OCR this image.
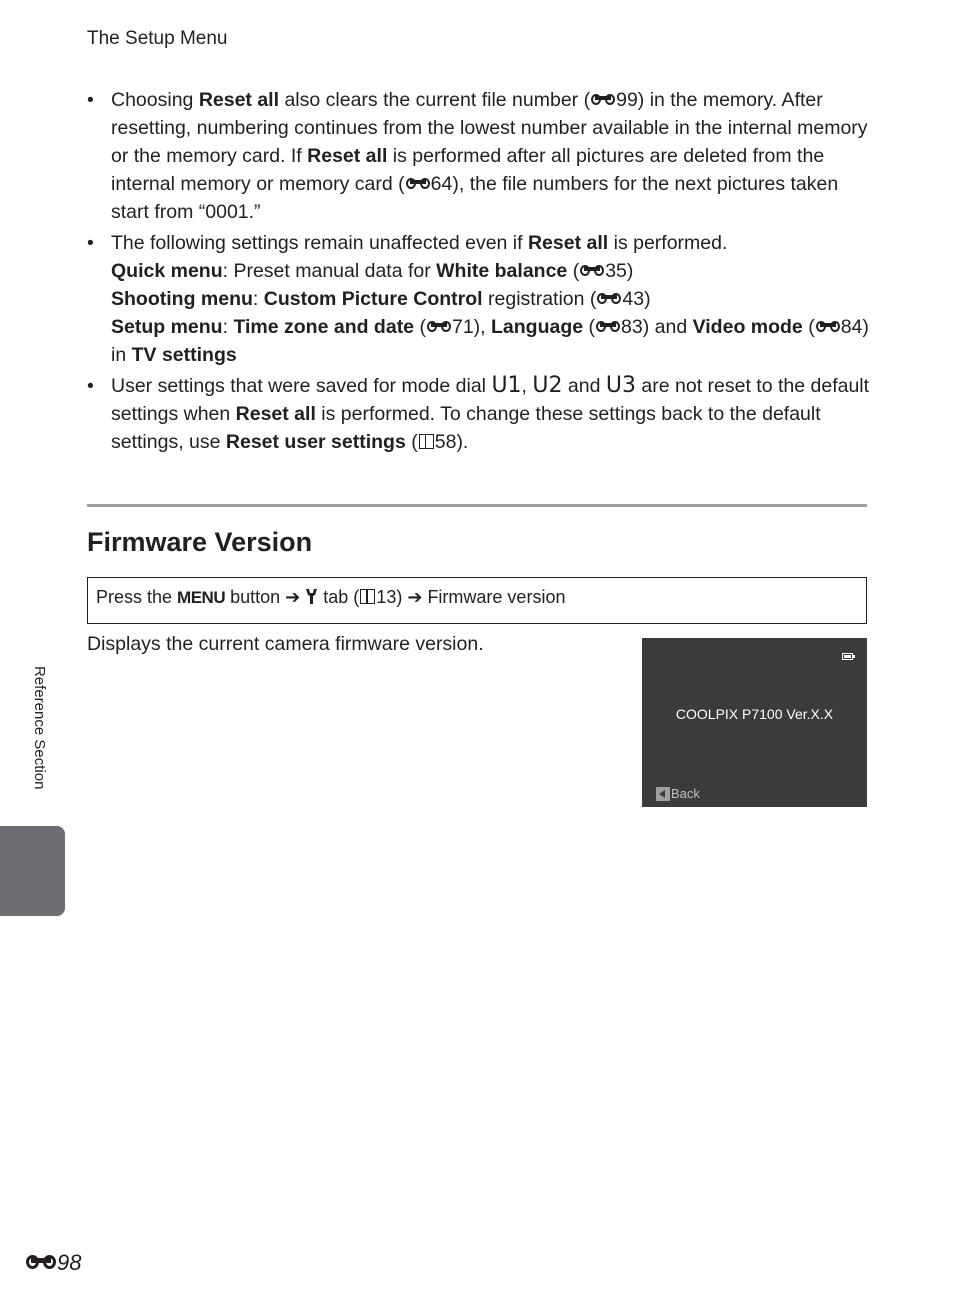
The Setup Menu
• Choosing Reset all also clears the current file number ( 99) in the memory. After resetting, numbering continues from the lowest number available in the internal memory or the memory card. If Reset all is performed after all pictures are deleted from the internal memory or memory card ( 64), the file numbers for the next pictures taken start from “0001.”

• The following settings remain unaffected even if Reset all is performed.

Quick menu: Preset manual data for White balance ( 35)

Shooting menu: Custom Picture Control registration ( 43)

Setup menu: Time zone and date ( 71), Language ( 83) and Video mode ( 84) in TV settings

• User settings that were saved for mode dial U1, U2 and U3 are not reset to the default settings when Reset all is performed. To change these settings back to the default settings, use Reset user settings ( 58).

Firmware Version
Press the MENU button ➔  tab ( 13) ➔ Firmware version
Displays the current camera firmware version.
COOLPIX P7100 Ver.X.X
Back
Reference Section
98
